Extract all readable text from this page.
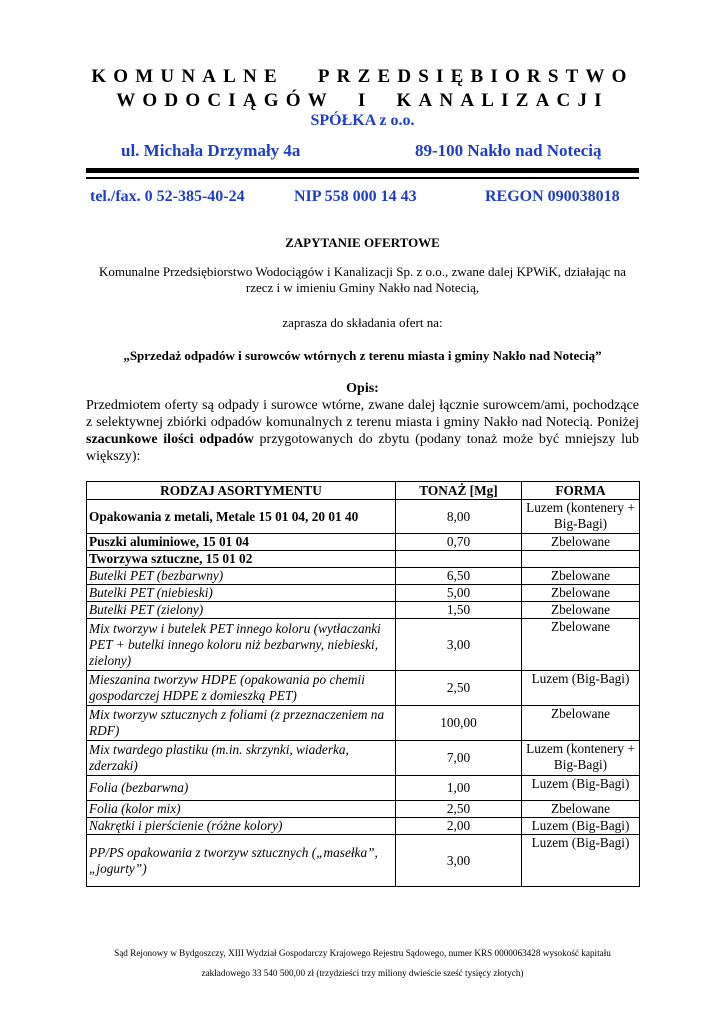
KOMUNALNE PRZEDSIĘBIORSTWO
WODOCIĄGÓW I KANALIZACJI
SPÓŁKA z o.o.
ul. Michała Drzymały 4a	89-100 Nakło nad Notecią
tel./fax. 0 52-385-40-24	NIP 558 000 14 43	REGON 090038018
ZAPYTANIE OFERTOWE
Komunalne Przedsiębiorstwo Wodociągów i Kanalizacji Sp. z o.o., zwane dalej KPWiK, działając na rzecz i w imieniu Gminy Nakło nad Notecią,
zaprasza do składania ofert na:
„Sprzedaż odpadów i surowców wtórnych z terenu miasta i gminy Nakło nad Notecią”
Opis:
Przedmiotem oferty są odpady i surowce wtórne, zwane dalej łącznie surowcem/ami, pochodzące z selektywnej zbiórki odpadów komunalnych z terenu miasta i gminy Nakło nad Notecią. Poniżej szacunkowe ilości odpadów przygotowanych do zbytu (podany tonaż może być mniejszy lub większy):
RODZAJ ASORTYMENTU	TONAŻ [Mg]	FORMA
Opakowania z metali, Metale 15 01 04, 20 01 40	8,00	Luzem (kontenery + Big-Bagi)
Puszki aluminiowe, 15 01 04	0,70	Zbelowane
Tworzywa sztuczne, 15 01 02		
Butelki PET (bezbarwny)	6,50	Zbelowane
Butelki PET (niebieski)	5,00	Zbelowane
Butelki PET (zielony)	1,50	Zbelowane
Mix tworzyw i butelek PET innego koloru (wytłaczanki PET + butelki innego koloru niż bezbarwny, niebieski, zielony)	3,00	Zbelowane
Mieszanina tworzyw HDPE (opakowania po chemii gospodarczej HDPE z domieszką PET)	2,50	Luzem (Big-Bagi)
Mix tworzyw sztucznych z foliami (z przeznaczeniem na RDF)	100,00	Zbelowane
Mix twardego plastiku (m.in. skrzynki, wiaderka, zderzaki)	7,00	Luzem (kontenery + Big-Bagi)
Folia (bezbarwna)	1,00	Luzem (Big-Bagi)
Folia (kolor mix)	2,50	Zbelowane
Nakrętki i pierścienie (różne kolory)	2,00	Luzem (Big-Bagi)
PP/PS opakowania z tworzyw sztucznych („masełka”, „jogurty”)	3,00	Luzem (Big-Bagi)
Sąd Rejonowy w Bydgoszczy, XIII Wydział Gospodarczy Krajowego Rejestru Sądowego, numer KRS 0000063428 wysokość kapitału
zakładowego 33 540 500,00 zł (trzydzieści trzy miliony dwieście sześć tysięcy złotych)
